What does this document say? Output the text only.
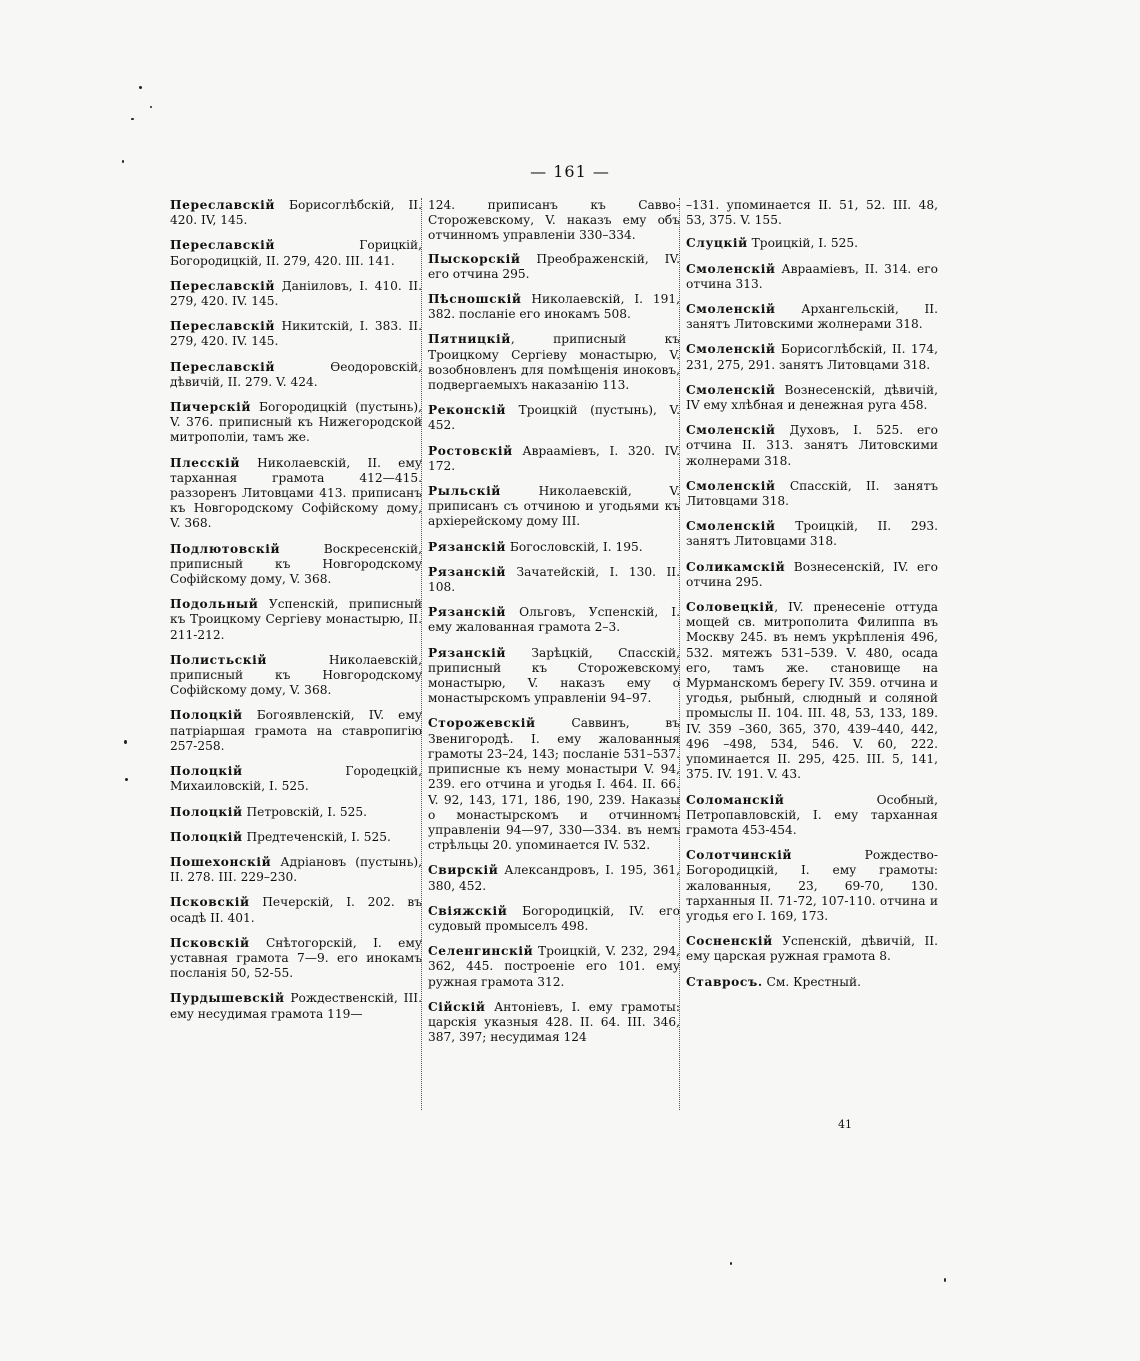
— 161 —
Переславскій Борисоглѣбскій, II. 420. IV, 145.
Переславскій Горицкій, Богородицкій, II. 279, 420. III. 141.
Переславскій Даніиловъ, I. 410. II. 279, 420. IV. 145.
Переславскій Никитскій, I. 383. II. 279, 420. IV. 145.
Переславскій Ѳеодоровскій, дѣвичій, II. 279. V. 424.
Пичерскій Богородицкій (пустынь), V. 376. приписный къ Нижегородской митрополіи, тамъ же.
Плесскій Николаевскій, II. ему тарханная грамота 412—415. раззоренъ Литовцами 413. приписанъ къ Новгородскому Софійскому дому, V. 368.
Подлютовскій Воскресенскій, приписный къ Новгородскому Софійскому дому, V. 368.
Подольный Успенскій, приписный къ Троицкому Сергіеву монастырю, II. 211-212.
Полистьскій Николаевскій, приписный къ Новгородскому Софійскому дому, V. 368.
Полоцкій Богоявленскій, IV. ему патріаршая грамота на ставропигію 257-258.
Полоцкій Городецкій, Михаиловскій, I. 525.
Полоцкій Петровскій, I. 525.
Полоцкій Предтеченскій, I. 525.
Пошехонскій Адріановъ (пустынь), II. 278. III. 229–230.
Псковскій Печерскій, I. 202. въ осадѣ II. 401.
Псковскій Снѣтогорскій, I. ему уставная грамота 7—9. его инокамъ посланія 50, 52-55.
Пурдышевскій Рождественскій, III. ему несудимая грамота 119—
124. приписанъ къ Савво-Сторожевскому, V. наказъ ему объ отчинномъ управленіи 330–334.
Пыскорскій Преображенскій, IV. его отчина 295.
Пѣсношскій Николаевскій, I. 191, 382. посланіе его инокамъ 508.
Пятницкій, приписный къ Троицкому Сергіеву монастырю, V. возобновленъ для помѣщенія иноковъ, подвергаемыхъ наказанію 113.
Реконскій Троицкій (пустынь), V. 452.
Ростовскій Авраамiевъ, I. 320. IV. 172.
Рыльскій Николаевскій, V. приписанъ съ отчиною и угодьями къ архіерейскому дому III.
Рязанскій Богословскій, I. 195.
Рязанскій Зачатейскій, I. 130. II. 108.
Рязанскій Ольговъ, Успенскій, I. ему жалованная грамота 2–3.
Рязанскій Зарѣцкій, Спасскій, приписный къ Сторожевскому монастырю, V. наказъ ему о монастырскомъ управленіи 94–97.
Сторожевскій Саввинъ, въ Звенигородѣ. I. ему жалованныя грамоты 23–24, 143; посланіе 531–537. приписные къ нему монастыри V. 94, 239. его отчина и угодья I. 464. II. 66. V. 92, 143, 171, 186, 190, 239. Наказы о монастырскомъ и отчинномъ управленіи 94—97, 330—334. въ немъ стрѣльцы 20. упоминается IV. 532.
Свирскій Александровъ, I. 195, 361, 380, 452.
Свіяжскій Богородицкій, IV. его судовый промыселъ 498.
Селенгинскій Троицкій, V. 232, 294, 362, 445. построеніе его 101. ему ружная грамота 312.
Сійскій Антоніевъ, I. ему грамоты: царскія указныя 428. II. 64. III. 346, 387, 397; несудимая 124
–131. упоминается II. 51, 52. III. 48, 53, 375. V. 155.
Слуцкій Троицкій, I. 525.
Смоленскій Авраамiевъ, II. 314. его отчина 313.
Смоленскій Архангельскій, II. занятъ Литовскими жолнерами 318.
Смоленскій Борисоглѣбскій, II. 174, 231, 275, 291. занятъ Литовцами 318.
Смоленскій Вознесенскій, дѣвичій, IV ему хлѣбная и денежная руга 458.
Смоленскій Духовъ, I. 525. его отчина II. 313. занятъ Литовскими жолнерами 318.
Смоленскій Спасскій, II. занятъ Литовцами 318.
Смоленскій Троицкій, II. 293. занятъ Литовцами 318.
Соликамскій Вознесенскій, IV. его отчина 295.
Соловецкій, IV. пренесеніе оттуда мощей св. митрополита Филиппа въ Москву 245. въ немъ укрѣпленія 496, 532. мятежъ 531–539. V. 480, осада его, тамъ же. становище на Мурманскомъ берегу IV. 359. отчина и угодья, рыбный, слюдный и соляной промыслы II. 104. III. 48, 53, 133, 189. IV. 359 –360, 365, 370, 439–440, 442, 496 –498, 534, 546. V. 60, 222. упоминается II. 295, 425. III. 5, 141, 375. IV. 191. V. 43.
Соломанскій Особный, Петропавловскій, I. ему тарханная грамота 453-454.
Солотчинскій Рождество-Богородицкій, I. ему грамоты: жалованныя, 23, 69-70, 130. тарханныя II. 71-72, 107-110. отчина и угодья его I. 169, 173.
Сосненскій Успенскій, дѣвичій, II. ему царская ружная грамота 8.
Ставросъ. См. Крестный.
41
